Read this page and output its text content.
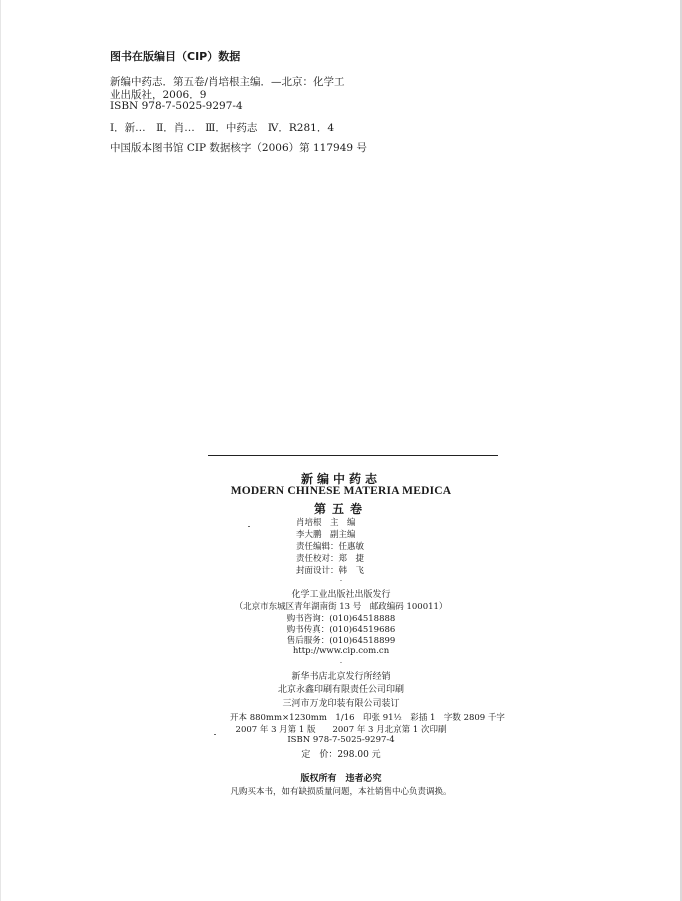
图书在版编目（CIP）数据
新编中药志．第五卷/肖培根主编．—北京：化学工
业出版社，2006．9
ISBN 978-7-5025-9297-4
Ⅰ．新…　Ⅱ．肖…　Ⅲ．中药志　Ⅳ．R281．4
中国版本图书馆 CIP 数据核字（2006）第 117949 号
新编中药志
MODERN CHINESE MATERIA MEDICA
第五卷
肖培根　主　编
李大鹏　副主编
责任编辑：任惠敏
责任校对：郑　捷
封面设计：韩　飞
.
化学工业出版社出版发行
（北京市东城区青年湖南街 13 号　邮政编码 100011）
购书咨询：(010)64518888
购书传真：(010)64519686
售后服务：(010)64518899
http://www.cip.com.cn
.
新华书店北京发行所经销
北京永鑫印刷有限责任公司印刷
三河市万龙印装有限公司装订
开本 880mm×1230mm　1/16　印张 91½　彩插 1　字数 2809 千字
2007 年 3 月第 1 版　　2007 年 3 月北京第 1 次印刷
ISBN 978-7-5025-9297-4
定　价：298.00 元
版权所有　违者必究
凡购买本书，如有缺损质量问题，本社销售中心负责调换。
